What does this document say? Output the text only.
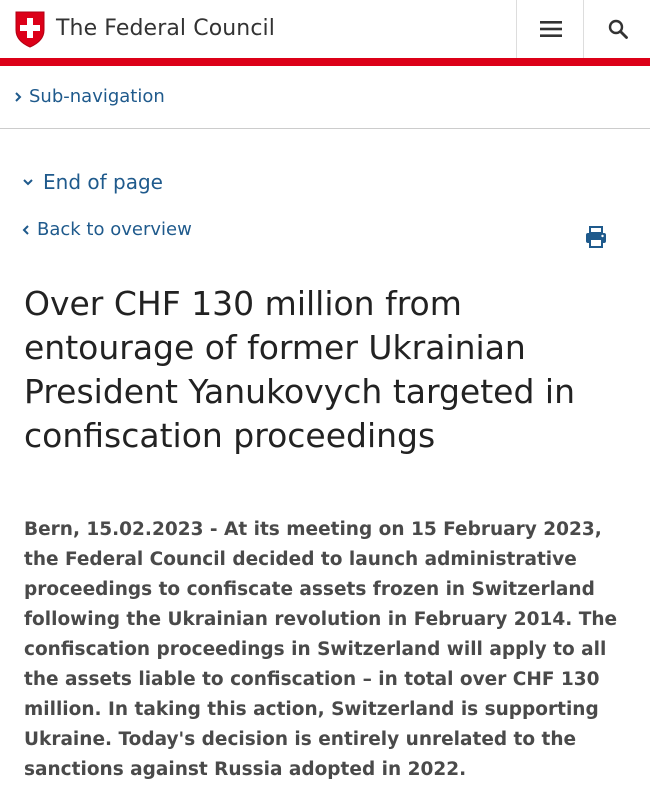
The Federal Council
Sub-navigation
End of page
Back to overview
Over CHF 130 million from entourage of former Ukrainian President Yanukovych targeted in confiscation proceedings

Bern, 15.02.2023 - At its meeting on 15 February 2023, the Federal Council decided to launch administrative proceedings to confiscate assets frozen in Switzerland following the Ukrainian revolution in February 2014. The confiscation proceedings in Switzerland will apply to all the assets liable to confiscation – in total over CHF 130 million. In taking this action, Switzerland is supporting Ukraine. Today's decision is entirely unrelated to the sanctions against Russia adopted in 2022.
